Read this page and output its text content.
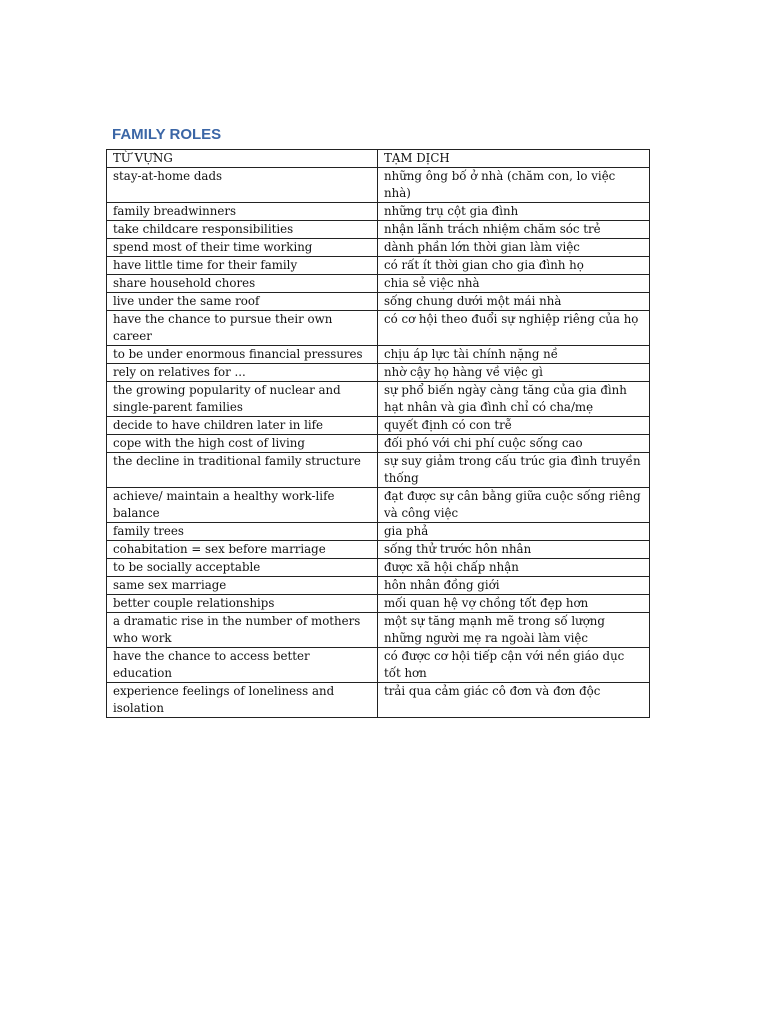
FAMILY ROLES
TỪ VỰNG	TẠM DỊCH
stay-at-home dads	những ông bố ở nhà (chăm con, lo việc nhà)
family breadwinners	những trụ cột gia đình
take childcare responsibilities	nhận lãnh trách nhiệm chăm sóc trẻ
spend most of their time working	dành phần lớn thời gian làm việc
have little time for their family	có rất ít thời gian cho gia đình họ
share household chores	chia sẻ việc nhà
live under the same roof	sống chung dưới một mái nhà
have the chance to pursue their own career	có cơ hội theo đuổi sự nghiệp riêng của họ
to be under enormous financial pressures	chịu áp lực tài chính nặng nề
rely on relatives for ...	nhờ cậy họ hàng về việc gì
the growing popularity of nuclear and single-parent families	sự phổ biến ngày càng tăng của gia đình hạt nhân và gia đình chỉ có cha/mẹ
decide to have children later in life	quyết định có con trễ
cope with the high cost of living	đối phó với chi phí cuộc sống cao
the decline in traditional family structure	sự suy giảm trong cấu trúc gia đình truyền thống
achieve/ maintain a healthy work-life balance	đạt được sự cân bằng giữa cuộc sống riêng và công việc
family trees	gia phả
cohabitation = sex before marriage	sống thử trước hôn nhân
to be socially acceptable	được xã hội chấp nhận
same sex marriage	hôn nhân đồng giới
better couple relationships	mối quan hệ vợ chồng tốt đẹp hơn
a dramatic rise in the number of mothers who work	một sự tăng mạnh mẽ trong số lượng những người mẹ ra ngoài làm việc
have the chance to access better education	có được cơ hội tiếp cận với nền giáo dục tốt hơn
experience feelings of loneliness and isolation	trải qua cảm giác cô đơn và đơn độc
